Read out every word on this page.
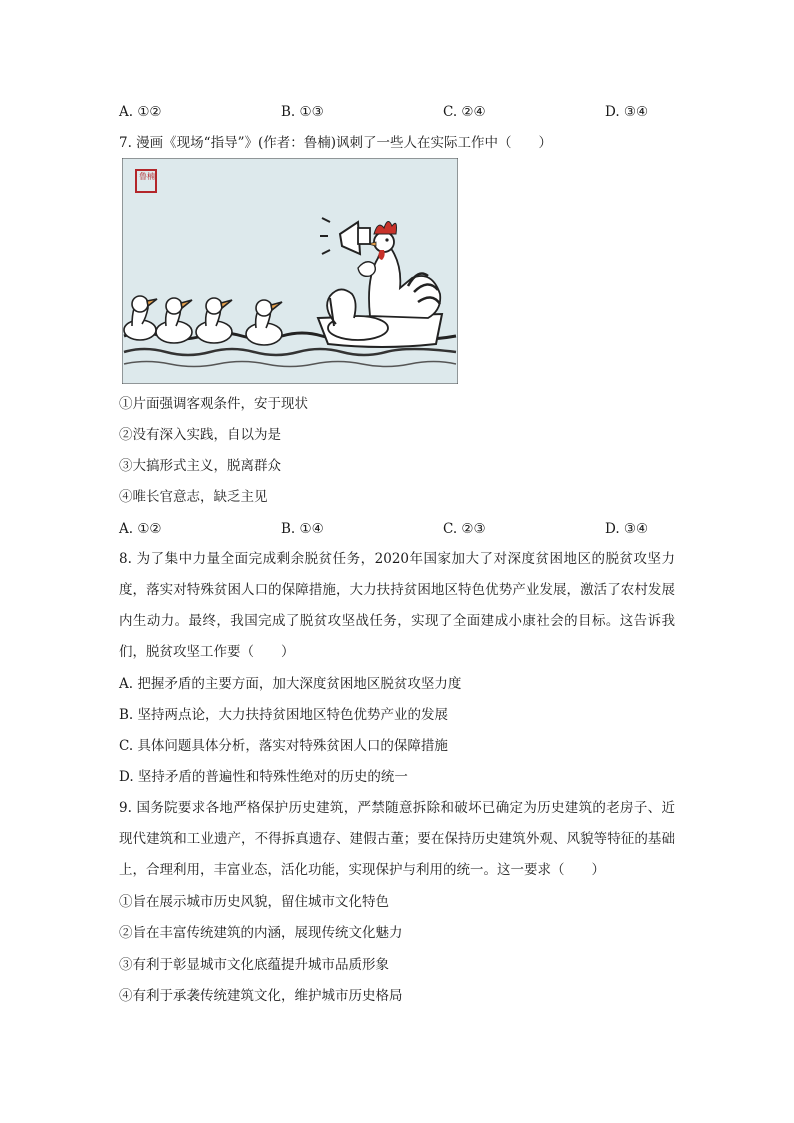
A. ①②	B. ①③	C. ②④	D. ③④
7. 漫画《现场“指导”》(作者：鲁楠)讽刺了一些人在实际工作中（　　）
鲁楠
①片面强调客观条件，安于现状
②没有深入实践，自以为是
③大搞形式主义，脱离群众
④唯长官意志，缺乏主见
A. ①②	B. ①④	C. ②③	D. ③④
8. 为了集中力量全面完成剩余脱贫任务，2020年国家加大了对深度贫困地区的脱贫攻坚力度，落实对特殊贫困人口的保障措施，大力扶持贫困地区特色优势产业发展，激活了农村发展内生动力。最终，我国完成了脱贫攻坚战任务，实现了全面建成小康社会的目标。这告诉我们，脱贫攻坚工作要（　　）
A. 把握矛盾的主要方面，加大深度贫困地区脱贫攻坚力度
B. 坚持两点论，大力扶持贫困地区特色优势产业的发展
C. 具体问题具体分析，落实对特殊贫困人口的保障措施
D. 坚持矛盾的普遍性和特殊性绝对的历史的统一
9. 国务院要求各地严格保护历史建筑，严禁随意拆除和破坏已确定为历史建筑的老房子、近现代建筑和工业遗产，不得拆真遗存、建假古董；要在保持历史建筑外观、风貌等特征的基础上，合理利用，丰富业态，活化功能，实现保护与利用的统一。这一要求（　　）
①旨在展示城市历史风貌，留住城市文化特色
②旨在丰富传统建筑的内涵，展现传统文化魅力
③有利于彰显城市文化底蕴提升城市品质形象
④有利于承袭传统建筑文化，维护城市历史格局
